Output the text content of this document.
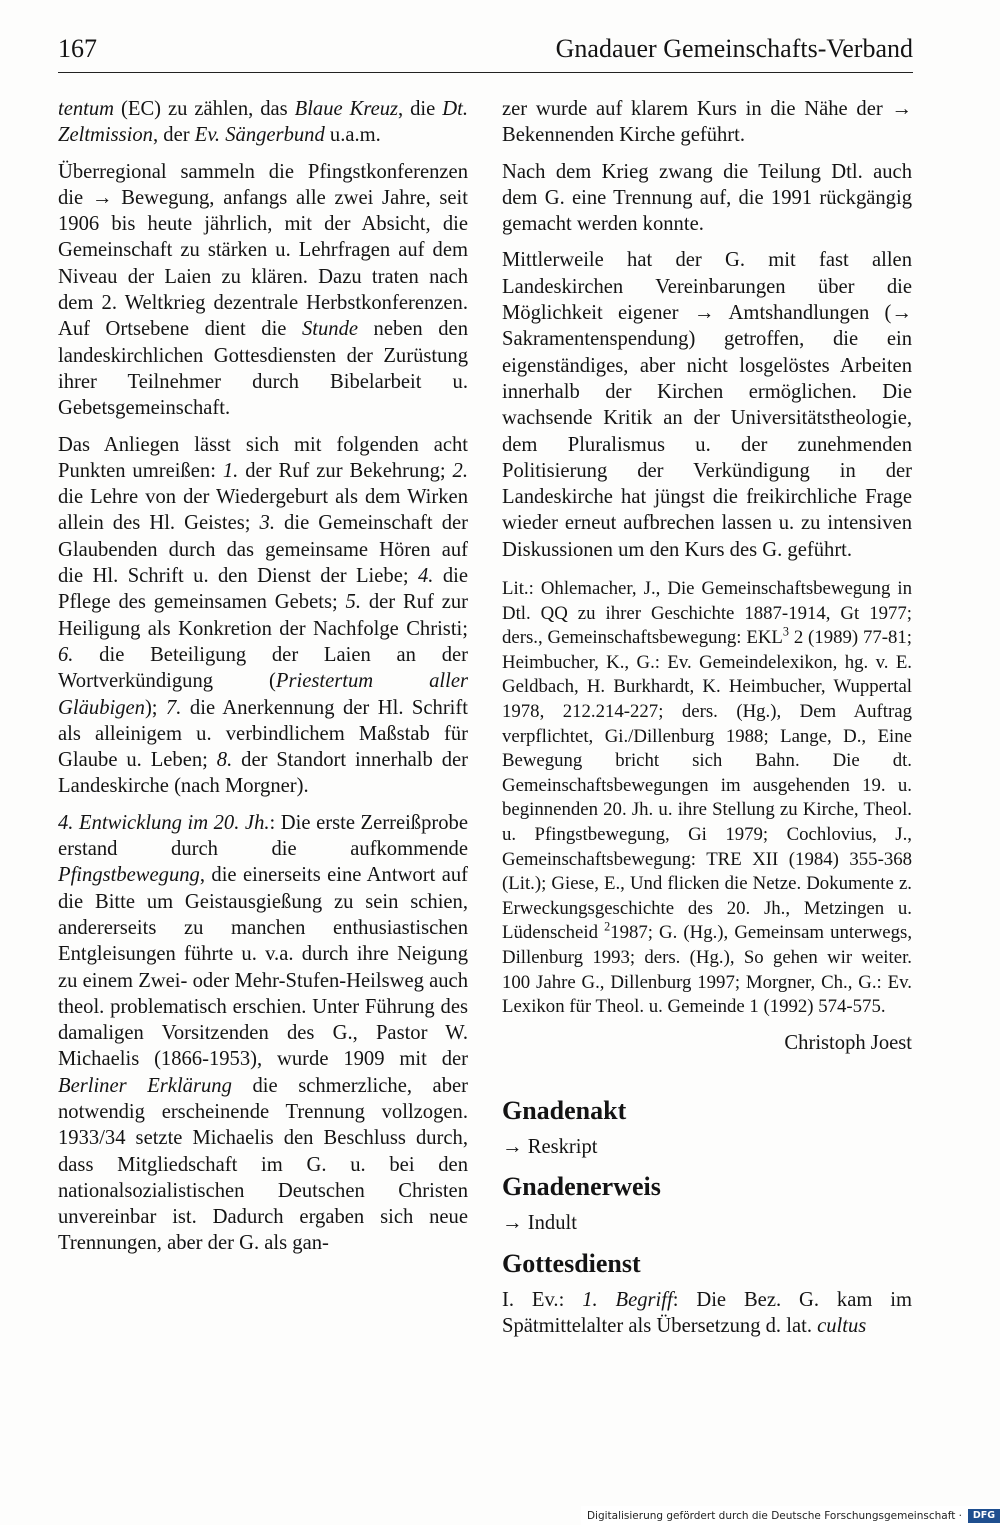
167	Gnadauer Gemeinschafts-Verband

tentum (EC) zu zählen, das Blaue Kreuz, die Dt. Zeltmission, der Ev. Sängerbund u.a.m.

Überregional sammeln die Pfingstkonferenzen die → Bewegung, anfangs alle zwei Jahre, seit 1906 bis heute jährlich, mit der Absicht, die Gemeinschaft zu stärken u. Lehrfragen auf dem Niveau der Laien zu klären. Dazu traten nach dem 2. Weltkrieg dezentrale Herbstkonferenzen. Auf Ortsebene dient die Stunde neben den landeskirchlichen Gottesdiensten der Zurüstung ihrer Teilnehmer durch Bibelarbeit u. Gebetsgemeinschaft.

Das Anliegen lässt sich mit folgenden acht Punkten umreißen: 1. der Ruf zur Bekehrung; 2. die Lehre von der Wiedergeburt als dem Wirken allein des Hl. Geistes; 3. die Gemeinschaft der Glaubenden durch das gemeinsame Hören auf die Hl. Schrift u. den Dienst der Liebe; 4. die Pflege des gemeinsamen Gebets; 5. der Ruf zur Heiligung als Konkretion der Nachfolge Christi; 6. die Beteiligung der Laien an der Wortverkündigung (Priestertum aller Gläubigen); 7. die Anerkennung der Hl. Schrift als alleinigem u. verbindlichem Maßstab für Glaube u. Leben; 8. der Standort innerhalb der Landeskirche (nach Morgner).

4. Entwicklung im 20. Jh.: Die erste Zerreißprobe erstand durch die aufkommende Pfingstbewegung, die einerseits eine Antwort auf die Bitte um Geistausgießung zu sein schien, andererseits zu manchen enthusiastischen Entgleisungen führte u. v.a. durch ihre Neigung zu einem Zwei- oder Mehr-Stufen-Heilsweg auch theol. problematisch erschien. Unter Führung des damaligen Vorsitzenden des G., Pastor W. Michaelis (1866-1953), wurde 1909 mit der Berliner Erklärung die schmerzliche, aber notwendig erscheinende Trennung vollzogen. 1933/34 setzte Michaelis den Beschluss durch, dass Mitgliedschaft im G. u. bei den nationalsozialistischen Deutschen Christen unvereinbar ist. Dadurch ergaben sich neue Trennungen, aber der G. als gan-

zer wurde auf klarem Kurs in die Nähe der → Bekennenden Kirche geführt.

Nach dem Krieg zwang die Teilung Dtl. auch dem G. eine Trennung auf, die 1991 rückgängig gemacht werden konnte.

Mittlerweile hat der G. mit fast allen Landeskirchen Vereinbarungen über die Möglichkeit eigener → Amtshandlungen (→ Sakramentenspendung) getroffen, die ein eigenständiges, aber nicht losgelöstes Arbeiten innerhalb der Kirchen ermöglichen. Die wachsende Kritik an der Universitätstheologie, dem Pluralismus u. der zunehmenden Politisierung der Verkündigung in der Landeskirche hat jüngst die freikirchliche Frage wieder erneut aufbrechen lassen u. zu intensiven Diskussionen um den Kurs des G. geführt.

Lit.: Ohlemacher, J., Die Gemeinschaftsbewegung in Dtl. QQ zu ihrer Geschichte 1887-1914, Gt 1977; ders., Gemeinschaftsbewegung: EKL$^3$ 2 (1989) 77-81; Heimbucher, K., G.: Ev. Gemeindelexikon, hg. v. E. Geldbach, H. Burkhardt, K. Heimbucher, Wuppertal 1978, 212.214-227; ders. (Hg.), Dem Auftrag verpflichtet, Gi./Dillenburg 1988; Lange, D., Eine Bewegung bricht sich Bahn. Die dt. Gemeinschaftsbewegungen im ausgehenden 19. u. beginnenden 20. Jh. u. ihre Stellung zu Kirche, Theol. u. Pfingstbewegung, Gi 1979; Cochlovius, J., Gemeinschaftsbewegung: TRE XII (1984) 355-368 (Lit.); Giese, E., Und flicken die Netze. Dokumente z. Erweckungsgeschichte des 20. Jh., Metzingen u. Lüdenscheid $^2$1987; G. (Hg.), Gemeinsam unterwegs, Dillenburg 1993; ders. (Hg.), So gehen wir weiter. 100 Jahre G., Dillenburg 1997; Morgner, Ch., G.: Ev. Lexikon für Theol. u. Gemeinde 1 (1992) 574-575.

Christoph Joest

Gnadenakt

→ Reskript

Gnadenerweis

→ Indult

Gottesdienst

I. Ev.: 1. Begriff: Die Bez. G. kam im Spätmittelalter als Übersetzung d. lat. cultus

Digitalisierung gefördert durch die Deutsche Forschungsgemeinschaft ·	DFG
